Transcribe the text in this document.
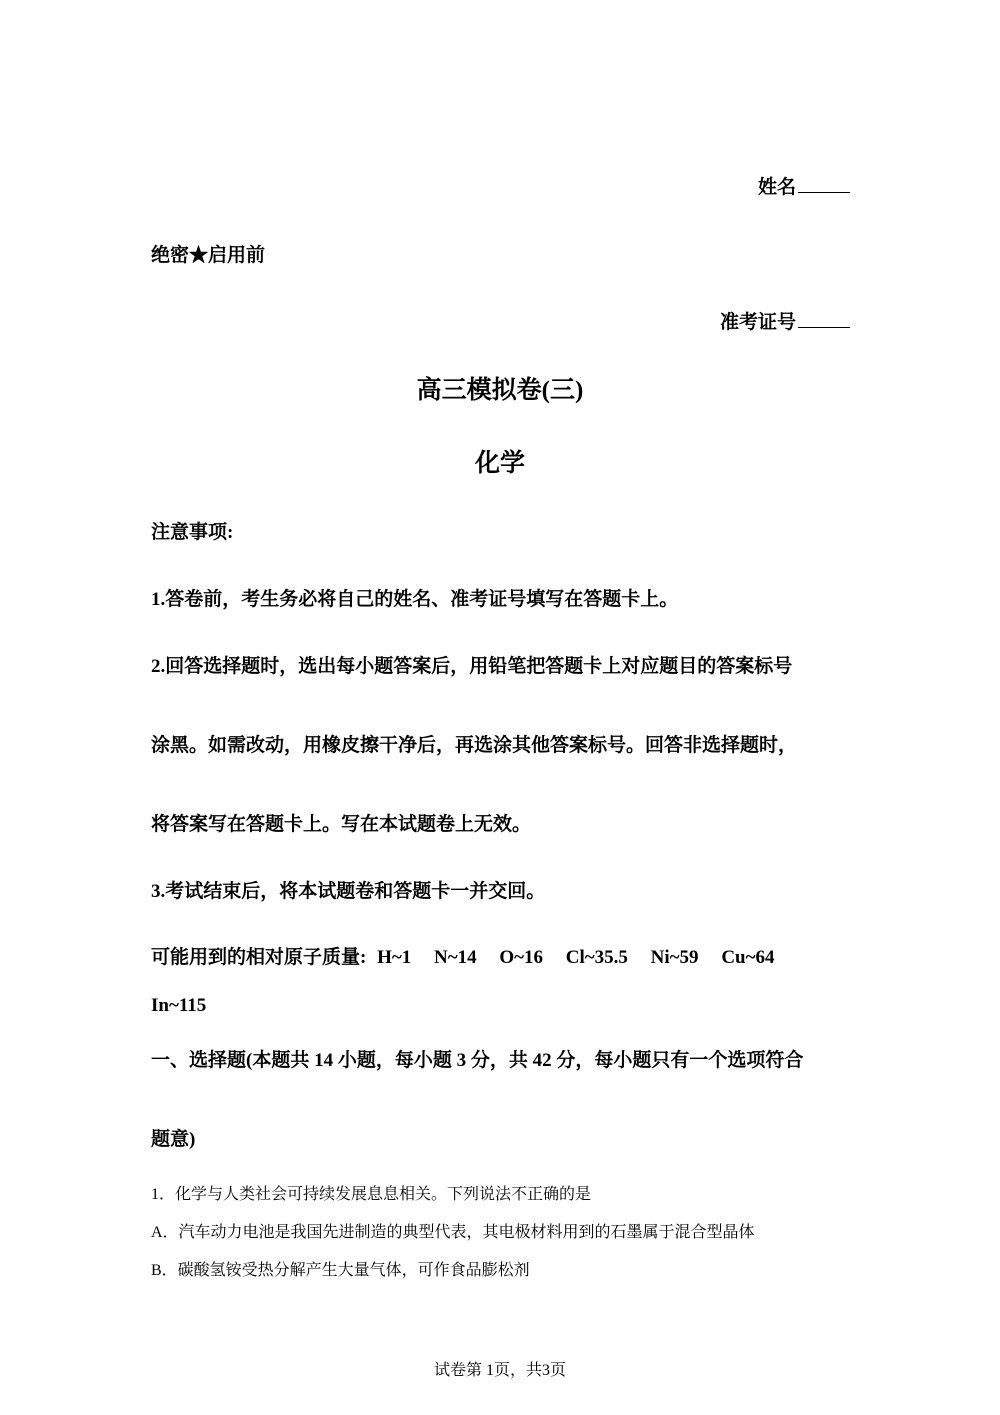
姓名
绝密★启用前
准考证号
高三模拟卷(三)
化学
注意事项:
1.答卷前，考生务必将自己的姓名、准考证号填写在答题卡上。
2.回答选择题时，选出每小题答案后，用铅笔把答题卡上对应题目的答案标号
涂黑。如需改动，用橡皮擦干净后，再选涂其他答案标号。回答非选择题时，
将答案写在答题卡上。写在本试题卷上无效。
3.考试结束后，将本试题卷和答题卡一并交回。
可能用到的相对原子质量: H~1 N~14 O~16 Cl~35.5 Ni~59 Cu~64
In~115
一、选择题(本题共 14 小题，每小题 3 分，共 42 分，每小题只有一个选项符合
题意)
1．化学与人类社会可持续发展息息相关。下列说法不正确的是
A．汽车动力电池是我国先进制造的典型代表，其电极材料用到的石墨属于混合型晶体
B．碳酸氢铵受热分解产生大量气体，可作食品膨松剂
试卷第 1页，共3页
